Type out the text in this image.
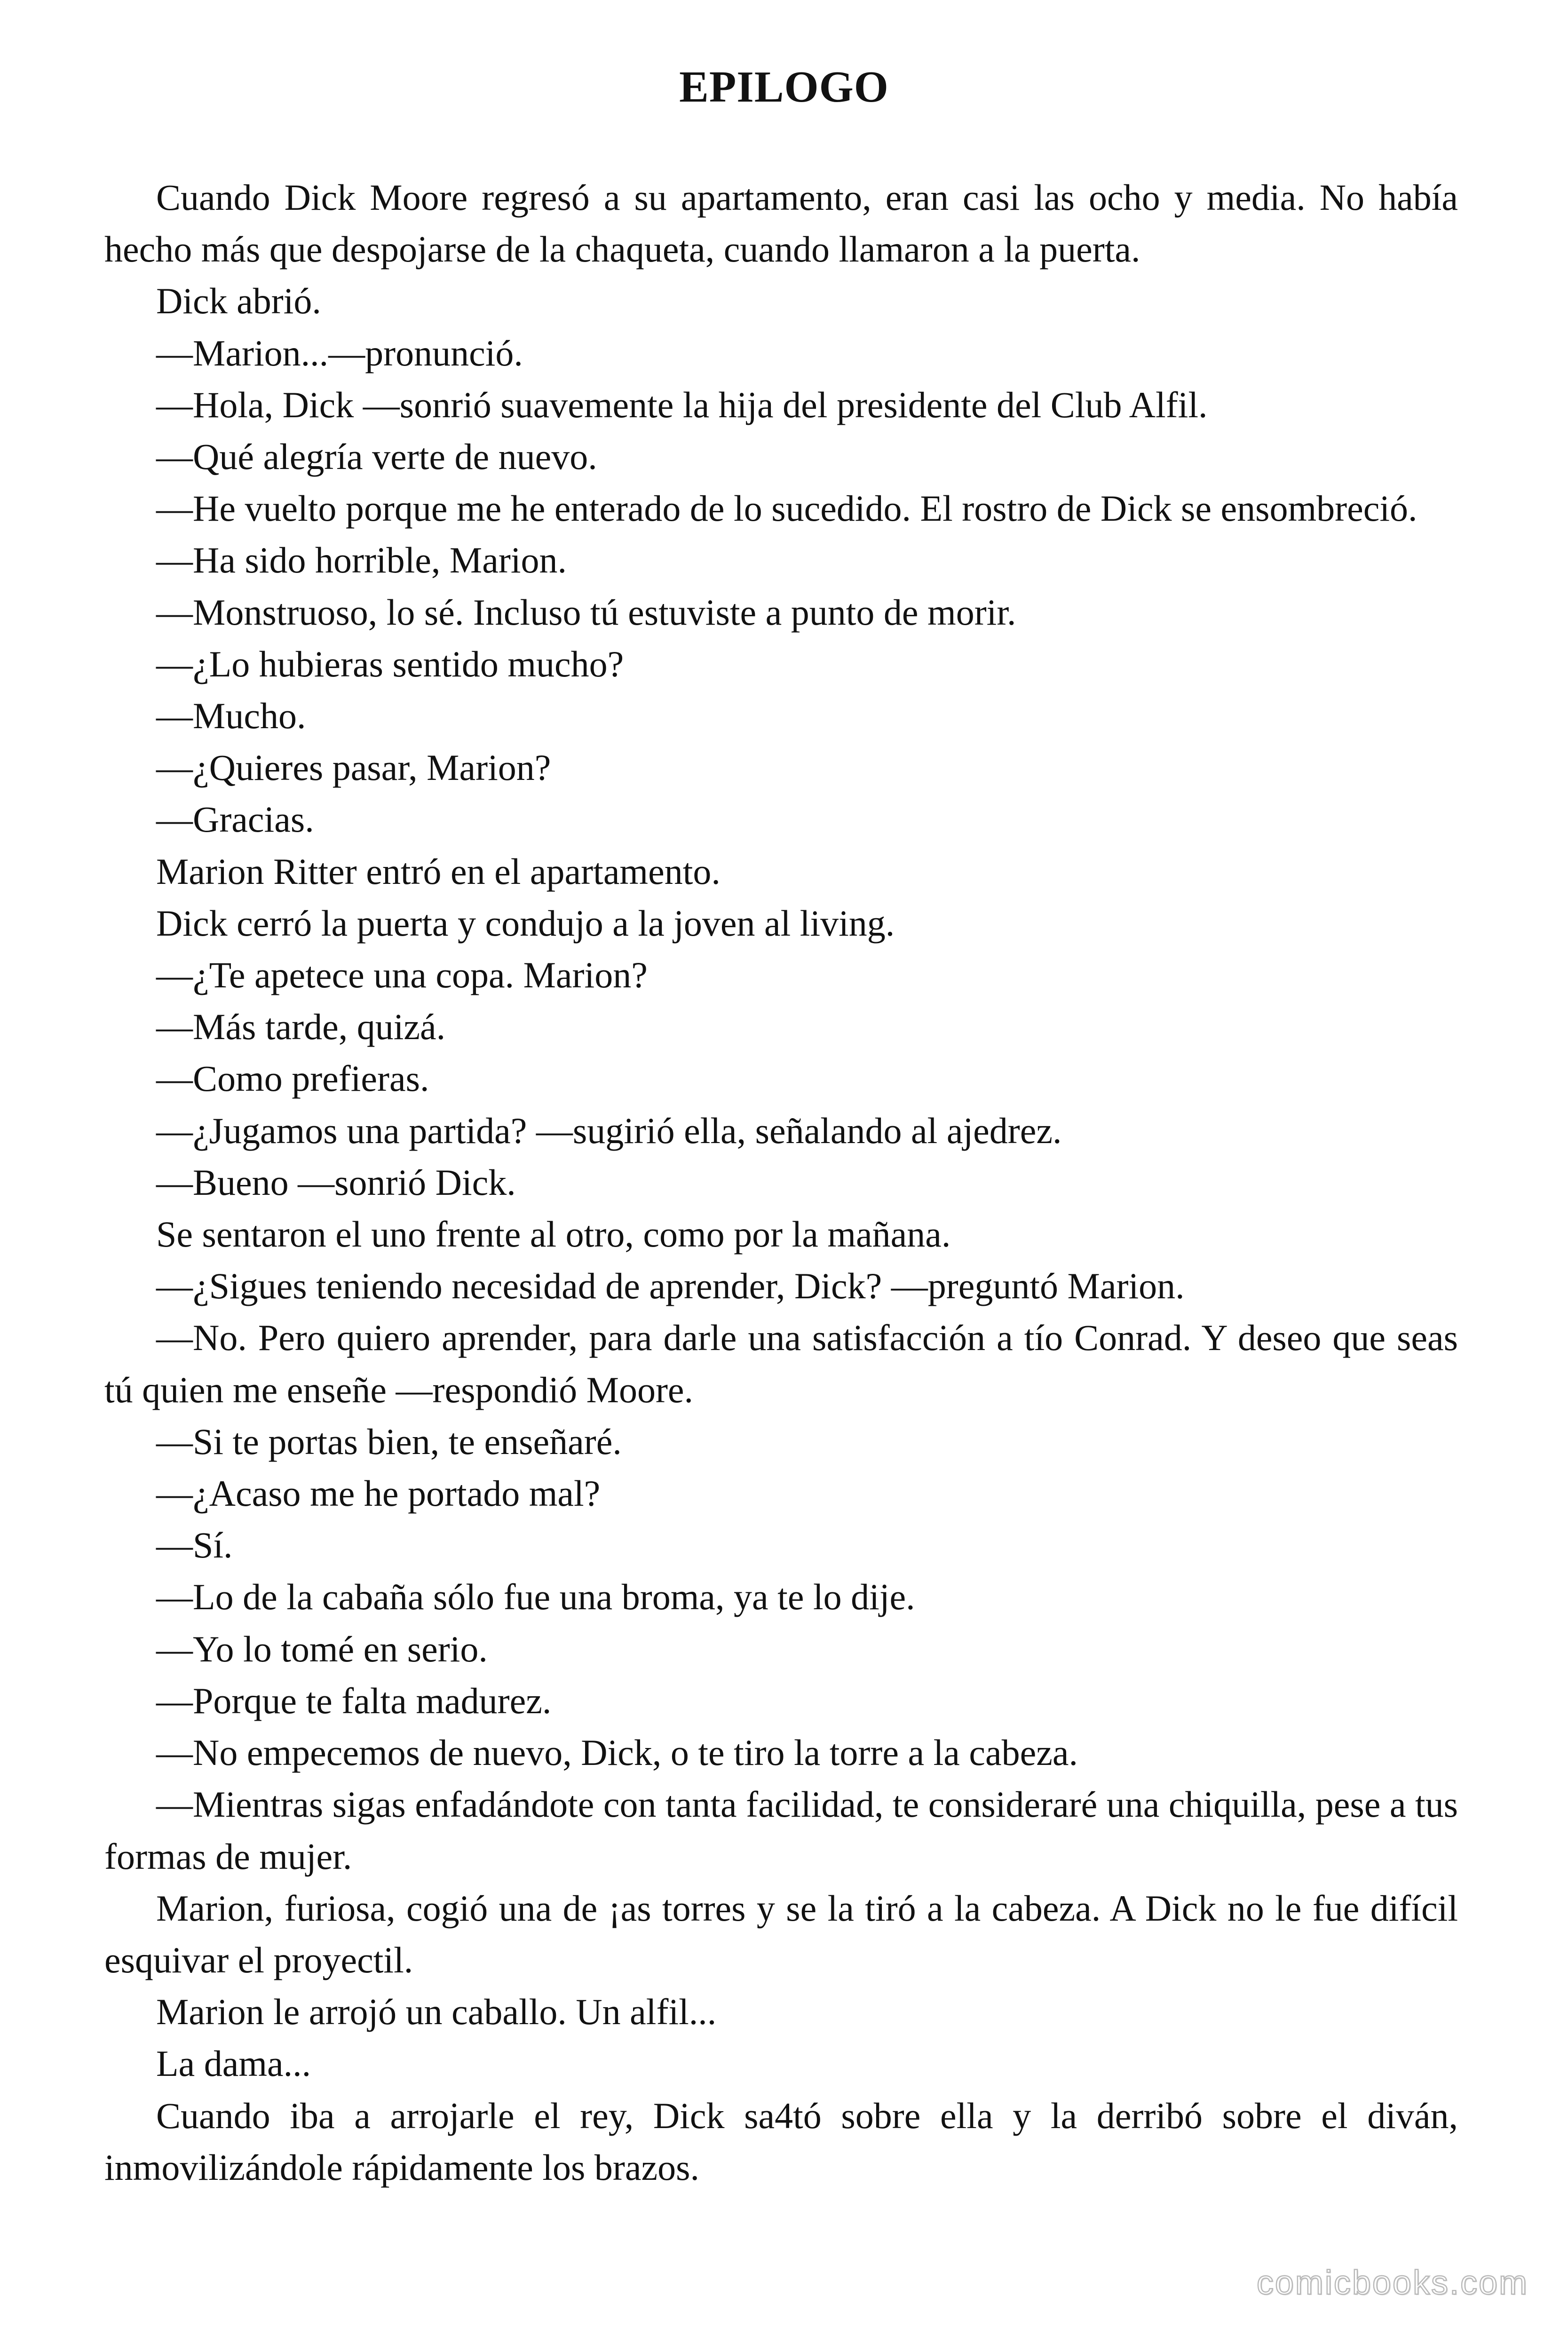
EPILOGO

Cuando Dick Moore regresó a su apartamento, eran casi las ocho y media. No había hecho más que despojarse de la chaqueta, cuando llamaron a la puerta.

Dick abrió.

—Marion...—pronunció.

—Hola, Dick —sonrió suavemente la hija del presidente del Club Alfil.

—Qué alegría verte de nuevo.

—He vuelto porque me he enterado de lo sucedido. El rostro de Dick se ensombreció.

—Ha sido horrible, Marion.

—Monstruoso, lo sé. Incluso tú estuviste a punto de morir.

—¿Lo hubieras sentido mucho?

—Mucho.

—¿Quieres pasar, Marion?

—Gracias.

Marion Ritter entró en el apartamento.

Dick cerró la puerta y condujo a la joven al living.

—¿Te apetece una copa. Marion?

—Más tarde, quizá.

—Como prefieras.

—¿Jugamos una partida? —sugirió ella, señalando al ajedrez.

—Bueno —sonrió Dick.

Se sentaron el uno frente al otro, como por la mañana.

—¿Sigues teniendo necesidad de aprender, Dick? —preguntó Marion.

—No. Pero quiero aprender, para darle una satisfacción a tío Conrad. Y deseo que seas tú quien me enseñe —respondió Moore.

—Si te portas bien, te enseñaré.

—¿Acaso me he portado mal?

—Sí.

—Lo de la cabaña sólo fue una broma, ya te lo dije.

—Yo lo tomé en serio.

—Porque te falta madurez.

—No empecemos de nuevo, Dick, o te tiro la torre a la cabeza.

—Mientras sigas enfadándote con tanta facilidad, te consideraré una chiquilla, pese a tus formas de mujer.

Marion, furiosa, cogió una de ¡as torres y se la tiró a la cabeza. A Dick no le fue difícil esquivar el proyectil.

Marion le arrojó un caballo. Un alfil...

La dama...

Cuando iba a arrojarle el rey, Dick sa4tó sobre ella y la derribó sobre el diván, inmovilizándole rápidamente los brazos.

comicbooks.com
